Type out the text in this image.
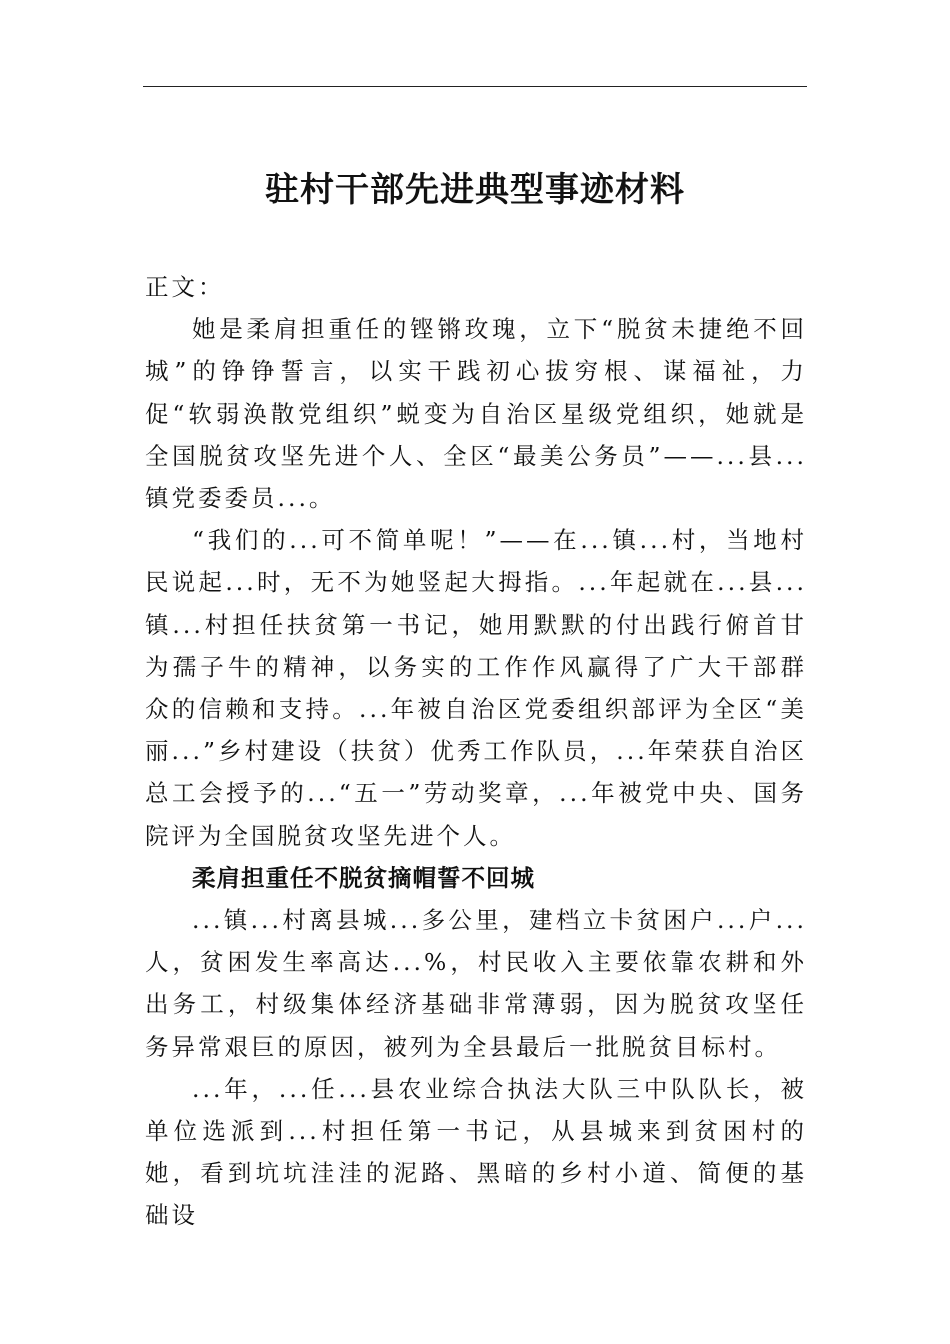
驻村干部先进典型事迹材料

正文：

她是柔肩担重任的铿锵玫瑰，立下“脱贫未捷绝不回城”的铮铮誓言，以实干践初心拔穷根、谋福祉，力促“软弱涣散党组织”蜕变为自治区星级党组织，她就是全国脱贫攻坚先进个人、全区“最美公务员”——...县...镇党委委员...。

“我们的...可不简单呢！”——在...镇...村，当地村民说起...时，无不为她竖起大拇指。...年起就在...县...镇...村担任扶贫第一书记，她用默默的付出践行俯首甘为孺子牛的精神，以务实的工作作风赢得了广大干部群众的信赖和支持。...年被自治区党委组织部评为全区“美丽...”乡村建设（扶贫）优秀工作队员，...年荣获自治区总工会授予的...“五一”劳动奖章，...年被党中央、国务院评为全国脱贫攻坚先进个人。

柔肩担重任不脱贫摘帽誓不回城

...镇...村离县城...多公里，建档立卡贫困户...户...人，贫困发生率高达...%，村民收入主要依靠农耕和外出务工，村级集体经济基础非常薄弱，因为脱贫攻坚任务异常艰巨的原因，被列为全县最后一批脱贫目标村。

...年，...任...县农业综合执法大队三中队队长，被单位选派到...村担任第一书记，从县城来到贫困村的她，看到坑坑洼洼的泥路、黑暗的乡村小道、简便的基础设
